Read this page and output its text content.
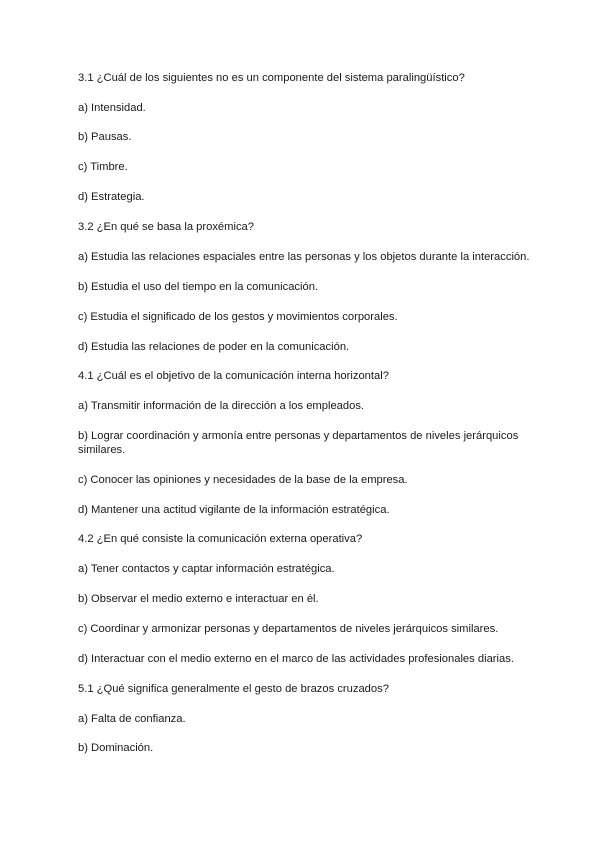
3.1 ¿Cuál de los siguientes no es un componente del sistema paralingüístico?
a) Intensidad.
b) Pausas.
c) Timbre.
d) Estrategia.
3.2 ¿En qué se basa la proxémica?
a) Estudia las relaciones espaciales entre las personas y los objetos durante la interacción.
b) Estudia el uso del tiempo en la comunicación.
c) Estudia el significado de los gestos y movimientos corporales.
d) Estudia las relaciones de poder en la comunicación.
4.1 ¿Cuál es el objetivo de la comunicación interna horizontal?
a) Transmitir información de la dirección a los empleados.
b) Lograr coordinación y armonía entre personas y departamentos de niveles jerárquicos similares.
c) Conocer las opiniones y necesidades de la base de la empresa.
d) Mantener una actitud vigilante de la información estratégica.
4.2 ¿En qué consiste la comunicación externa operativa?
a) Tener contactos y captar información estratégica.
b) Observar el medio externo e interactuar en él.
c) Coordinar y armonizar personas y departamentos de niveles jerárquicos similares.
d) Interactuar con el medio externo en el marco de las actividades profesionales diarias.
5.1 ¿Qué significa generalmente el gesto de brazos cruzados?
a) Falta de confianza.
b) Dominación.
